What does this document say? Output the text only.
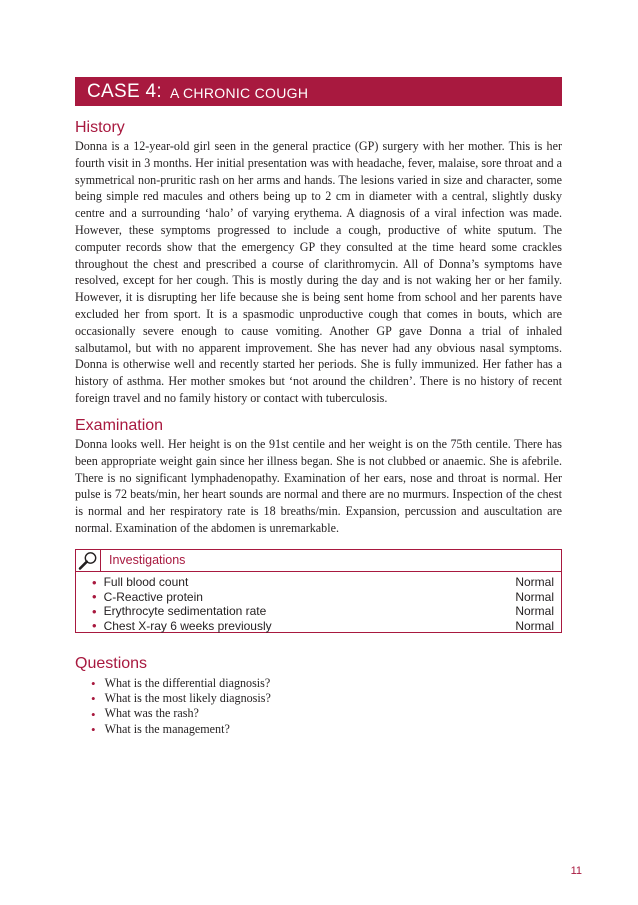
CASE 4: A CHRONIC COUGH
History

Donna is a 12-year-old girl seen in the general practice (GP) surgery with her mother. This is her fourth visit in 3 months. Her initial presentation was with headache, fever, malaise, sore throat and a symmetrical non-pruritic rash on her arms and hands. The lesions varied in size and character, some being simple red macules and others being up to 2 cm in diameter with a central, slightly dusky centre and a surrounding ‘halo’ of varying erythema. A diagnosis of a viral infection was made. However, these symptoms progressed to include a cough, productive of white sputum. The computer records show that the emergency GP they consulted at the time heard some crackles throughout the chest and prescribed a course of clarithromycin. All of Donna’s symptoms have resolved, except for her cough. This is mostly during the day and is not waking her or her family. However, it is disrupting her life because she is being sent home from school and her parents have excluded her from sport. It is a spasmodic unproductive cough that comes in bouts, which are occasionally severe enough to cause vomiting. Another GP gave Donna a trial of inhaled salbutamol, but with no apparent improvement. She has never had any obvious nasal symptoms. Donna is otherwise well and recently started her periods. She is fully immunized. Her father has a history of asthma. Her mother smokes but ‘not around the children’. There is no history of recent foreign travel and no family history or contact with tuberculosis.

Examination

Donna looks well. Her height is on the 91st centile and her weight is on the 75th centile. There has been appropriate weight gain since her illness began. She is not clubbed or anaemic. She is afebrile. There is no significant lymphadenopathy. Examination of her ears, nose and throat is normal. Her pulse is 72 beats/min, her heart sounds are normal and there are no murmurs. Inspection of the chest is normal and her respiratory rate is 18 breaths/min. Expansion, percussion and auscultation are normal. Examination of the abdomen is unremarkable.

Investigations
• Full blood count	Normal
• C-Reactive protein	Normal
• Erythrocyte sedimentation rate	Normal
• Chest X-ray 6 weeks previously	Normal
Questions
• What is the differential diagnosis?
• What is the most likely diagnosis?
• What was the rash?
• What is the management?
11
